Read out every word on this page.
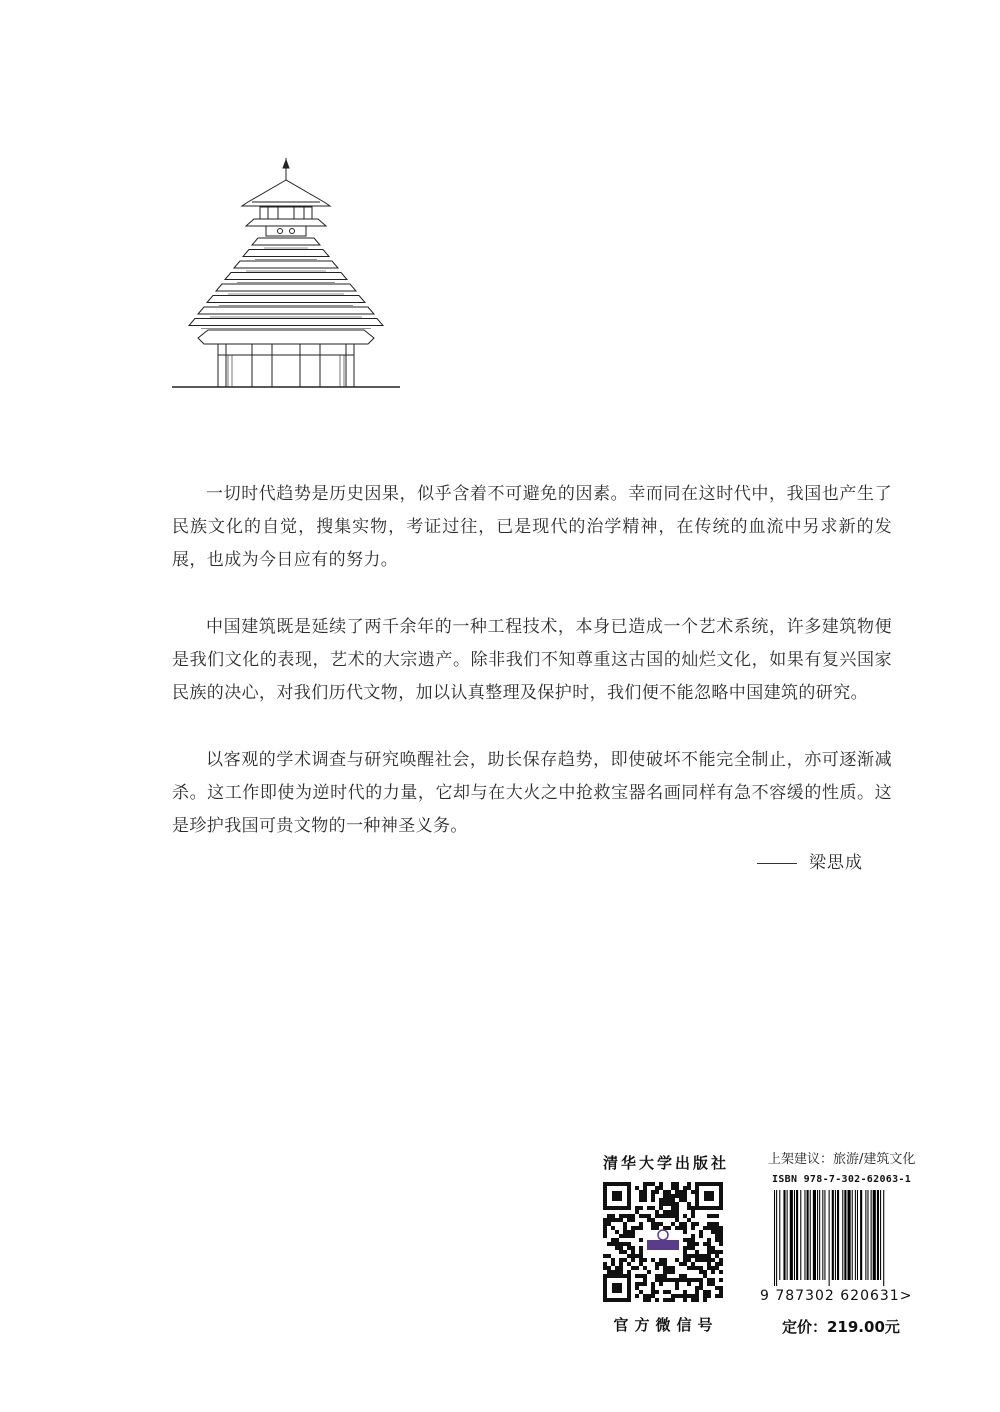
一切时代趋势是历史因果，似乎含着不可避免的因素。幸而同在这时代中，我国也产生了民族文化的自觉，搜集实物，考证过往，已是现代的治学精神，在传统的血流中另求新的发展，也成为今日应有的努力。

中国建筑既是延续了两千余年的一种工程技术，本身已造成一个艺术系统，许多建筑物便是我们文化的表现，艺术的大宗遗产。除非我们不知尊重这古国的灿烂文化，如果有复兴国家民族的决心，对我们历代文物，加以认真整理及保护时，我们便不能忽略中国建筑的研究。

以客观的学术调查与研究唤醒社会，助长保存趋势，即使破坏不能完全制止，亦可逐渐减杀。这工作即使为逆时代的力量，它却与在大火之中抢救宝器名画同样有急不容缓的性质。这是珍护我国可贵文物的一种神圣义务。

梁思成
清华大学出版社
官方微信号
上架建议：旅游/建筑文化
ISBN 978-7-302-62063-1
9 787302 620631>
定价：219.00元
